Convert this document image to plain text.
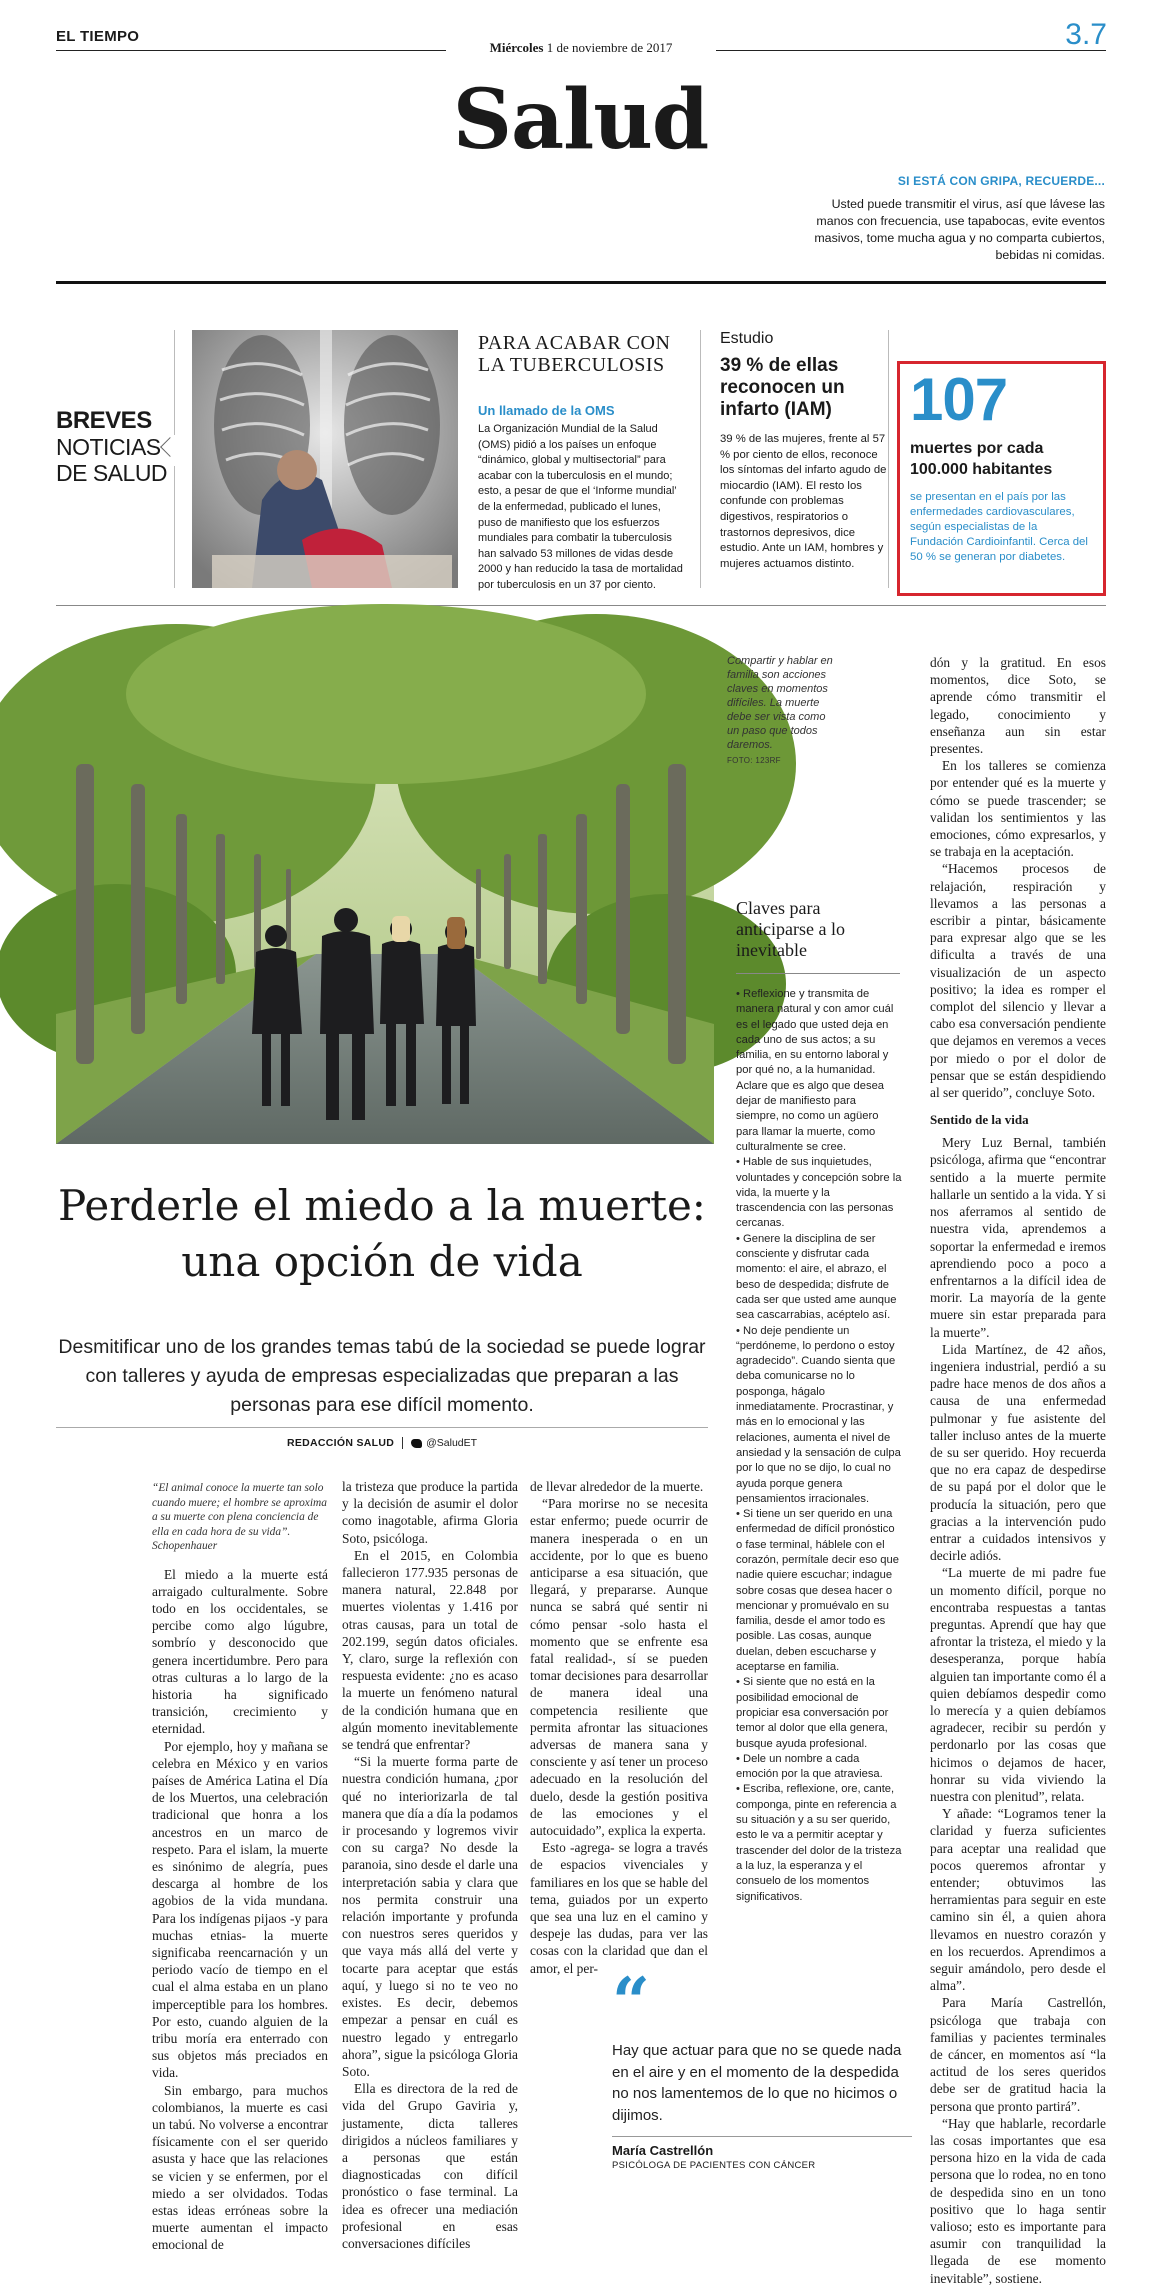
EL TIEMPO
Miércoles 1 de noviembre de 2017	3.7
Salud
SI ESTÁ CON GRIPA, RECUERDE...
Usted puede transmitir el virus, así que lávese las manos con frecuencia, use tapabocas, evite eventos masivos, tome mucha agua y no comparta cubiertos, bebidas ni comidas.
BREVES
NOTICIAS
DE SALUD
PARA ACABAR CON LA TUBERCULOSIS
Un llamado de la OMS
La Organización Mundial de la Salud (OMS) pidió a los países un enfoque “dinámico, global y multisectorial” para acabar con la tuberculosis en el mundo; esto, a pesar de que el ‘Informe mundial’ de la enfermedad, publicado el lunes, puso de manifiesto que los esfuerzos mundiales para combatir la tuberculosis han salvado 53 millones de vidas desde 2000 y han reducido la tasa de mortalidad por tuberculosis en un 37 por ciento.
Estudio
39 % de ellas reconocen un infarto (IAM)
39 % de las mujeres, frente al 57 % por ciento de ellos, reconoce los síntomas del infarto agudo de miocardio (IAM). El resto los confunde con problemas digestivos, respiratorios o trastornos depresivos, dice estudio. Ante un IAM, hombres y mujeres actuamos distinto.
107
muertes por cada 100.000 habitantes
se presentan en el país por las enfermedades cardiovasculares, según especialistas de la Fundación Cardioinfantil. Cerca del 50 % se generan por diabetes.
Compartir y hablar en familia son acciones claves en momentos difíciles. La muerte debe ser vista como un paso que todos daremos.
FOTO: 123RF
Perderle el miedo a la muerte: una opción de vida
Desmitificar uno de los grandes temas tabú de la sociedad se puede lograr con talleres y ayuda de empresas especializadas que preparan a las personas para ese difícil momento.
REDACCIÓN SALUD	@SaludET

“El animal conoce la muerte tan solo cuando muere; el hombre se aproxima a su muerte con plena conciencia de ella en cada hora de su vida”. Schopenhauer

El miedo a la muerte está arraigado culturalmente. Sobre todo en los occidentales, se percibe como algo lúgubre, sombrío y desconocido que genera incertidumbre. Pero para otras culturas a lo largo de la historia ha significado transición, crecimiento y eternidad.

Por ejemplo, hoy y mañana se celebra en México y en varios países de América Latina el Día de los Muertos, una celebración tradicional que honra a los ancestros en un marco de respeto. Para el islam, la muerte es sinónimo de alegría, pues descarga al hombre de los agobios de la vida mundana. Para los indígenas pijaos -y para muchas etnias- la muerte significaba reencarnación y un periodo vacío de tiempo en el cual el alma estaba en un plano imperceptible para los hombres. Por esto, cuando alguien de la tribu moría era enterrado con sus objetos más preciados en vida.

Sin embargo, para muchos colombianos, la muerte es casi un tabú. No volverse a encontrar físicamente con el ser querido asusta y hace que las relaciones se vicien y se enfermen, por el miedo a ser olvidados. Todas estas ideas erróneas sobre la muerte aumentan el impacto emocional de

la tristeza que produce la partida y la decisión de asumir el dolor como inagotable, afirma Gloria Soto, psicóloga.

En el 2015, en Colombia fallecieron 177.935 personas de manera natural, 22.848 por muertes violentas y 1.416 por otras causas, para un total de 202.199, según datos oficiales. Y, claro, surge la reflexión con respuesta evidente: ¿no es acaso la muerte un fenómeno natural de la condición humana que en algún momento inevitablemente se tendrá que enfrentar?

“Si la muerte forma parte de nuestra condición humana, ¿por qué no interiorizarla de tal manera que día a día la podamos ir procesando y logremos vivir con su carga? No desde la paranoia, sino desde el darle una interpretación sabia y clara que nos permita construir una relación importante y profunda con nuestros seres queridos y que vaya más allá del verte y tocarte para aceptar que estás aquí, y luego si no te veo no existes. Es decir, debemos empezar a pensar en cuál es nuestro legado y entregarlo ahora”, sigue la psicóloga Gloria Soto.

Ella es directora de la red de vida del Grupo Gaviria y, justamente, dicta talleres dirigidos a núcleos familiares y a personas que están diagnosticadas con difícil pronóstico o fase terminal. La idea es ofrecer una mediación profesional en esas conversaciones difíciles

de llevar alrededor de la muerte.

“Para morirse no se necesita estar enfermo; puede ocurrir de manera inesperada o en un accidente, por lo que es bueno anticiparse a esa situación, que llegará, y prepararse. Aunque nunca se sabrá qué sentir ni cómo pensar -solo hasta el momento que se enfrente esa fatal realidad-, sí se pueden tomar decisiones para desarrollar de manera ideal una competencia resiliente que permita afrontar las situaciones adversas de manera sana y consciente y así tener un proceso adecuado en la resolución del duelo, desde la gestión positiva de las emociones y el autocuidado”, explica la experta.

Esto -agrega- se logra a través de espacios vivenciales y familiares en los que se hable del tema, guiados por un experto que sea una luz en el camino y despeje las dudas, para ver las cosas con la claridad que dan el amor, el per- “
Hay que actuar para que no se quede nada en el aire y en el momento de la despedida no nos lamentemos de lo que no hicimos o dijimos.
María Castrellón
PSICÓLOGA DE PACIENTES CON CÁNCER
Claves para anticiparse a lo inevitable
• Reflexione y transmita de manera natural y con amor cuál es el legado que usted deja en cada uno de sus actos; a su familia, en su entorno laboral y por qué no, a la humanidad. Aclare que es algo que desea dejar de manifiesto para siempre, no como un agüero para llamar la muerte, como culturalmente se cree.
• Hable de sus inquietudes, voluntades y concepción sobre la vida, la muerte y la trascendencia con las personas cercanas.
• Genere la disciplina de ser consciente y disfrutar cada momento: el aire, el abrazo, el beso de despedida; disfrute de cada ser que usted ame aunque sea cascarrabias, acéptelo así.
• No deje pendiente un “perdóneme, lo perdono o estoy agradecido”. Cuando sienta que deba comunicarse no lo posponga, hágalo inmediatamente. Procrastinar, y más en lo emocional y las relaciones, aumenta el nivel de ansiedad y la sensación de culpa por lo que no se dijo, lo cual no ayuda porque genera pensamientos irracionales.
• Si tiene un ser querido en una enfermedad de difícil pronóstico o fase terminal, háblele con el corazón, permítale decir eso que nadie quiere escuchar; indague sobre cosas que desea hacer o mencionar y promuévalo en su familia, desde el amor todo es posible. Las cosas, aunque duelan, deben escucharse y aceptarse en familia.
• Si siente que no está en la posibilidad emocional de propiciar esa conversación por temor al dolor que ella genera, busque ayuda profesional.
• Dele un nombre a cada emoción por la que atraviesa.
• Escriba, reflexione, ore, cante, componga, pinte en referencia a su situación y a su ser querido, esto le va a permitir aceptar y trascender del dolor de la tristeza a la luz, la esperanza y el consuelo de los momentos significativos.

dón y la gratitud. En esos momentos, dice Soto, se aprende cómo transmitir el legado, conocimiento y enseñanza aun sin estar presentes.

En los talleres se comienza por entender qué es la muerte y cómo se puede trascender; se validan los sentimientos y las emociones, cómo expresarlos, y se trabaja en la aceptación.

“Hacemos procesos de relajación, respiración y llevamos a las personas a escribir a pintar, básicamente para expresar algo que se les dificulta a través de una visualización de un aspecto positivo; la idea es romper el complot del silencio y llevar a cabo esa conversación pendiente que dejamos en veremos a veces por miedo o por el dolor de pensar que se están despidiendo al ser querido”, concluye Soto.

Sentido de la vida

Mery Luz Bernal, también psicóloga, afirma que “encontrar sentido a la muerte permite hallarle un sentido a la vida. Y si nos aferramos al sentido de nuestra vida, aprendemos a soportar la enfermedad e iremos aprendiendo poco a poco a enfrentarnos a la difícil idea de morir. La mayoría de la gente muere sin estar preparada para la muerte”.

Lida Martínez, de 42 años, ingeniera industrial, perdió a su padre hace menos de dos años a causa de una enfermedad pulmonar y fue asistente del taller incluso antes de la muerte de su ser querido. Hoy recuerda que no era capaz de despedirse de su papá por el dolor que le producía la situación, pero que gracias a la intervención pudo entrar a cuidados intensivos y decirle adiós.

“La muerte de mi padre fue un momento difícil, porque no encontraba respuestas a tantas preguntas. Aprendí que hay que afrontar la tristeza, el miedo y la desesperanza, porque había alguien tan importante como él a quien debíamos despedir como lo merecía y a quien debíamos agradecer, recibir su perdón y perdonarlo por las cosas que hicimos o dejamos de hacer, honrar su vida viviendo la nuestra con plenitud”, relata.

Y añade: “Logramos tener la claridad y fuerza suficientes para aceptar una realidad que pocos queremos afrontar y entender; obtuvimos las herramientas para seguir en este camino sin él, a quien ahora llevamos en nuestro corazón y en los recuerdos. Aprendimos a seguir amándolo, pero desde el alma”.

Para María Castrellón, psicóloga que trabaja con familias y pacientes terminales de cáncer, en momentos así “la actitud de los seres queridos debe ser de gratitud hacia la persona que pronto partirá”.

“Hay que hablarle, recordarle las cosas importantes que esa persona hizo en la vida de cada persona que lo rodea, no en tono de despedida sino en un tono positivo que lo haga sentir valioso; esto es importante para asumir con tranquilidad la llegada de ese momento inevitable”, sostiene.
